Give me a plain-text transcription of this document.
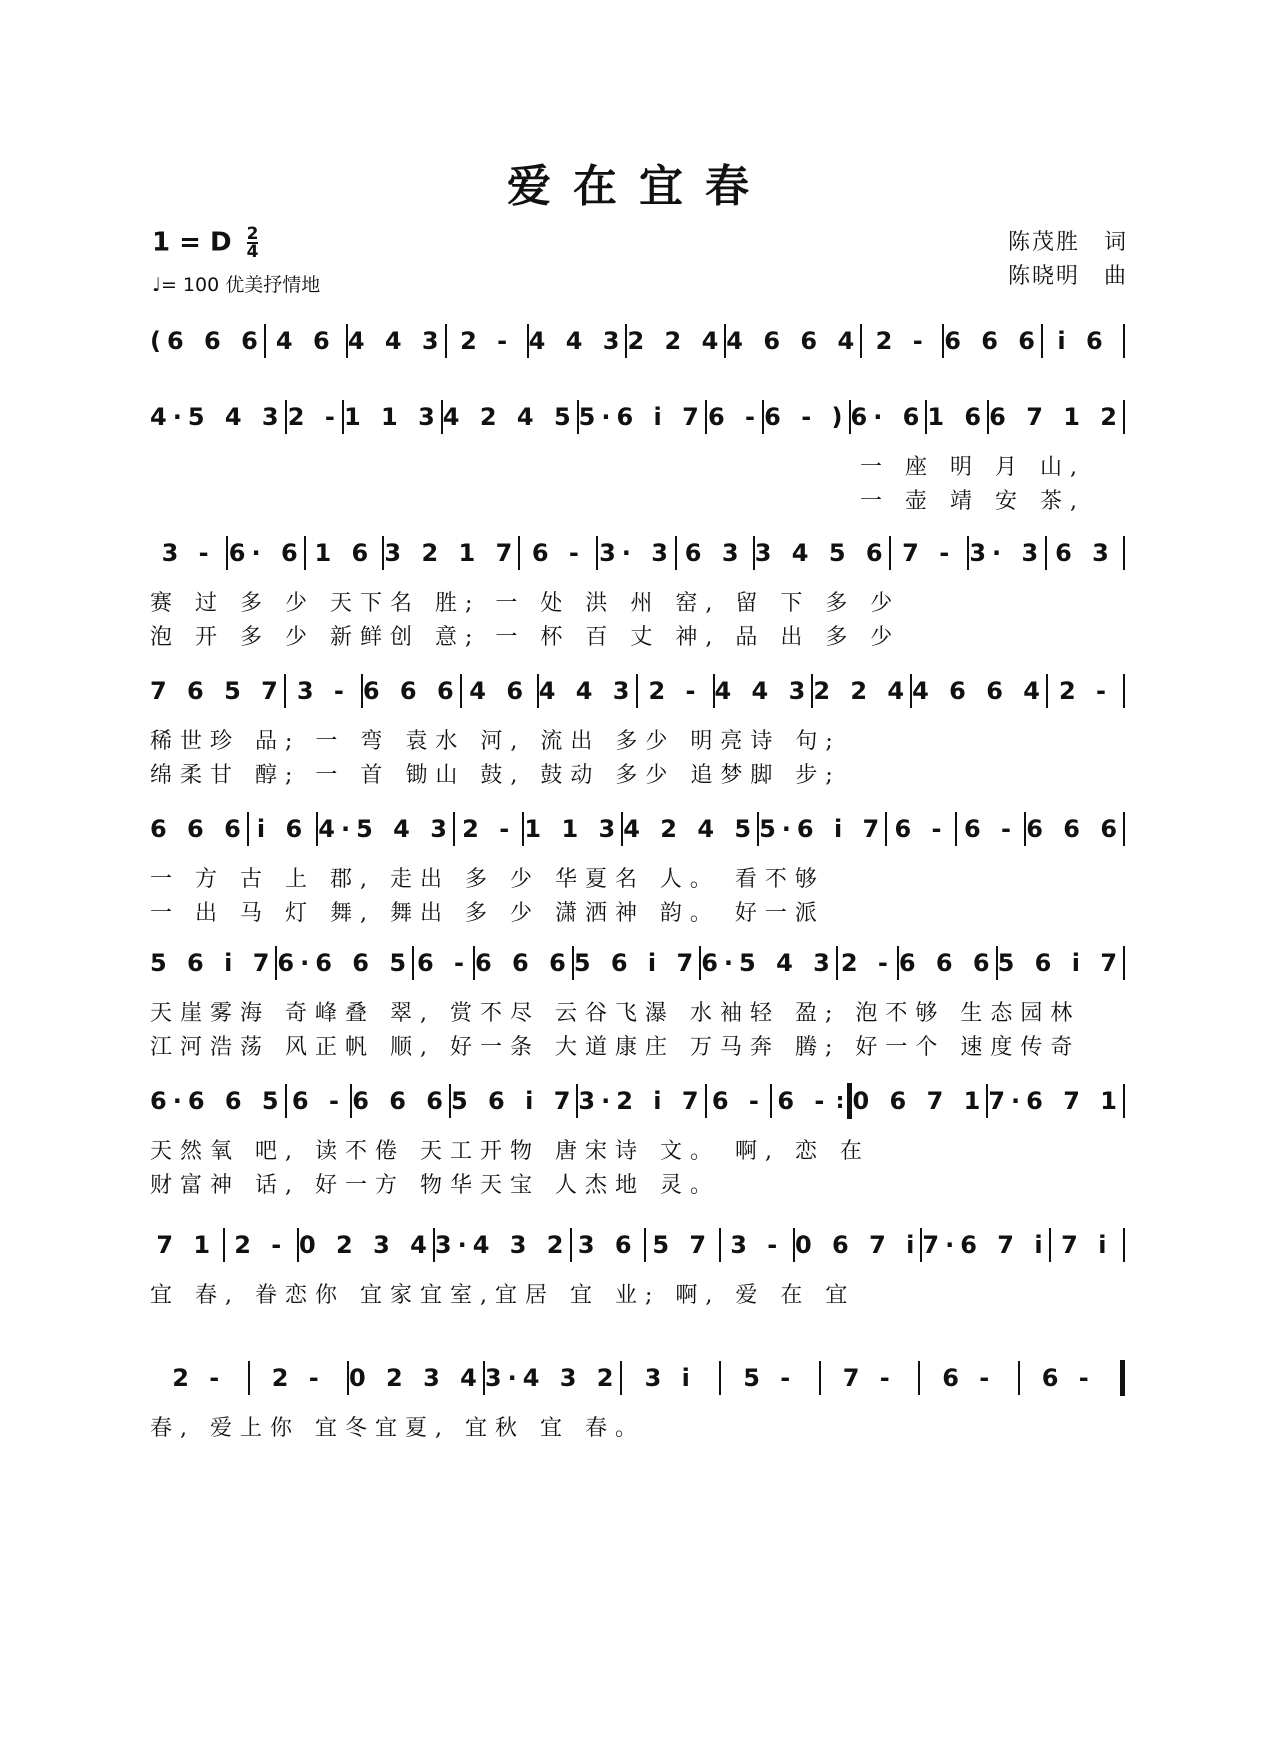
爱在宜春
1 = D $\frac{2}{4}$
♩= 100 优美抒情地
陈茂胜　词
陈晓明　曲
(6 6 6 4 6 4 4 3 2 - 4 4 3 2 2 4 4 6 6 4 2 - 6 6 6 i 6
4·5 4 3 2 - 1 1 3 4 2 4 5 5·6 i 7 6 - 6 - ) 6· 6 1 6 6 7 1 2
一 座 明 月 山,
一 壶 靖 安 茶,
3 - 6· 6 1 6 3 2 1 7 6 - 3· 3 6 3 3 4 5 6 7 - 3· 3 6 3
赛 过 多 少 天下名 胜; 一 处 洪 州 窑, 留 下 多 少
泡 开 多 少 新鲜创 意; 一 杯 百 丈 神, 品 出 多 少
7 6 5 7 3 - 6 6 6 4 6 4 4 3 2 - 4 4 3 2 2 4 4 6 6 4 2 -
稀世珍 品; 一 弯 袁水 河, 流出 多少 明亮诗 句;
绵柔甘 醇; 一 首 锄山 鼓, 鼓动 多少 追梦脚 步;
6 6 6 i 6 4·5 4 3 2 - 1 1 3 4 2 4 5 5·6 i 7 6 - 6 - 6 6 6
一 方 古 上 郡, 走出 多 少 华夏名 人。 看不够
一 出 马 灯 舞, 舞出 多 少 潇洒神 韵。 好一派
5 6 i 7 6·6 6 5 6 - 6 6 6 5 6 i 7 6·5 4 3 2 - 6 6 6 5 6 i 7
天崖雾海 奇峰叠 翠, 赏不尽 云谷飞瀑 水袖轻 盈; 泡不够 生态园林
江河浩荡 风正帆 顺, 好一条 大道康庄 万马奔 腾; 好一个 速度传奇
6·6 6 5 6 - 6 6 6 5 6 i 7 3·2 i 7 6 - 6 - : 0 6 7 1 7·6 7 1
天然氧 吧, 读不倦 天工开物 唐宋诗 文。 啊, 恋 在
财富神 话, 好一方 物华天宝 人杰地 灵。
7 1 2 - 0 2 3 4 3·4 3 2 3 6 5 7 3 - 0 6 7 i 7·6 7 i 7 i
宜 春, 眷恋你 宜家宜室,宜居 宜 业; 啊, 爱 在 宜
2 -	2 -	0 2 3 4 3·4 3 2	3 i	5 -	7 -	6 -	6 -
春, 爱上你 宜冬宜夏, 宜秋 宜 春。
